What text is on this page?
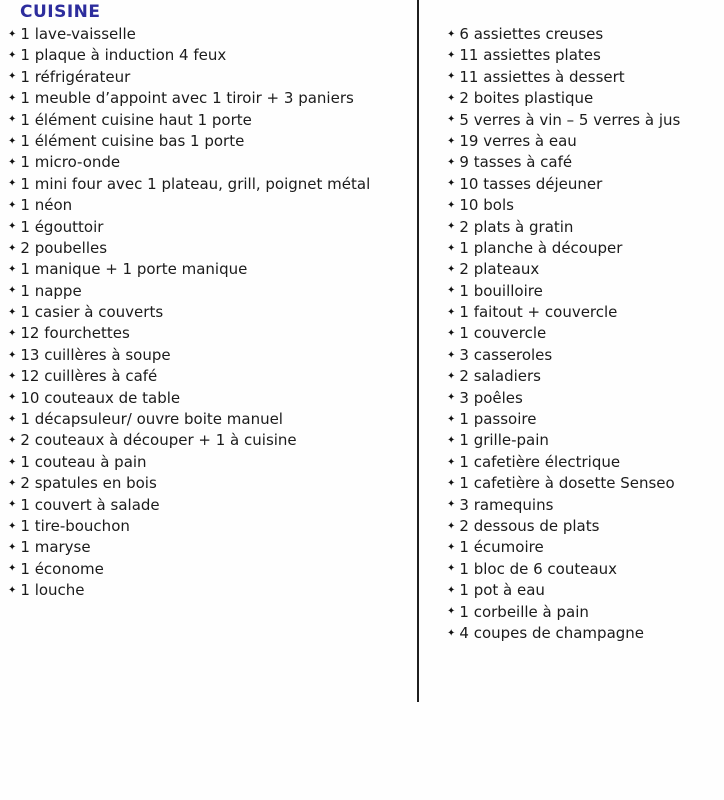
CUISINE
✦ 1 lave-vaisselle
✦ 1 plaque à induction 4 feux
✦ 1 réfrigérateur
✦ 1 meuble d’appoint avec 1 tiroir + 3 paniers
✦ 1 élément cuisine haut 1 porte
✦ 1 élément cuisine bas 1 porte
✦ 1 micro-onde
✦ 1 mini four avec 1 plateau, grill, poignet métal
✦ 1 néon
✦ 1 égouttoir
✦ 2 poubelles
✦ 1 manique + 1 porte manique
✦ 1 nappe
✦ 1 casier à couverts
✦ 12 fourchettes
✦ 13 cuillères à soupe
✦ 12 cuillères à café
✦ 10 couteaux de table
✦ 1 décapsuleur/ ouvre boite manuel
✦ 2 couteaux à découper + 1 à cuisine
✦ 1 couteau à pain
✦ 2 spatules en bois
✦ 1 couvert à salade
✦ 1 tire-bouchon
✦ 1 maryse
✦ 1 économe
✦ 1 louche
✦ 6 assiettes creuses
✦ 11 assiettes plates
✦ 11 assiettes à dessert
✦ 2 boites plastique
✦ 5 verres à vin – 5 verres à jus
✦ 19 verres à eau
✦ 9 tasses à café
✦ 10 tasses déjeuner
✦ 10 bols
✦ 2 plats à gratin
✦ 1 planche à découper
✦ 2 plateaux
✦ 1 bouilloire
✦ 1 faitout + couvercle
✦ 1 couvercle
✦ 3 casseroles
✦ 2 saladiers
✦ 3 poêles
✦ 1 passoire
✦ 1 grille-pain
✦ 1 cafetière électrique
✦ 1 cafetière à dosette Senseo
✦ 3 ramequins
✦ 2 dessous de plats
✦ 1 écumoire
✦ 1 bloc de 6 couteaux
✦ 1 pot à eau
✦ 1 corbeille à pain
✦ 4 coupes de champagne
